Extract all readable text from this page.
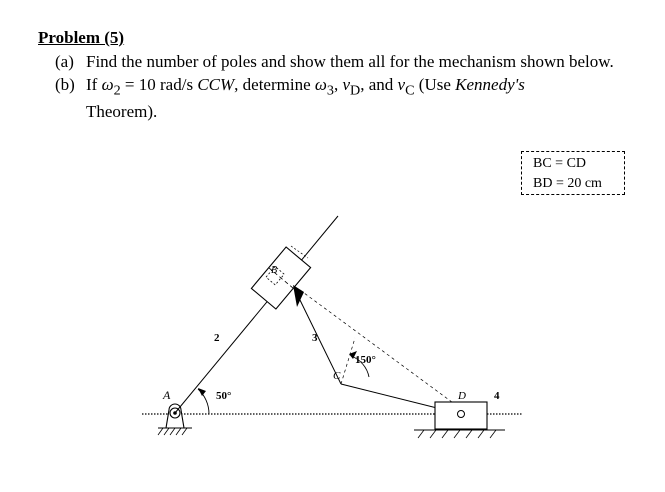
Problem (5)
(a) Find the number of poles and show them all for the mechanism shown below.
(b) If $\omega_2 = 10$ rad/s CCW, determine $\omega_3$, $v_D$, and $v_C$ (Use Kennedy's
Theorem).
BC = CD
BD = 20 cm
A
B
C
D
2	3
4
50°
150°
